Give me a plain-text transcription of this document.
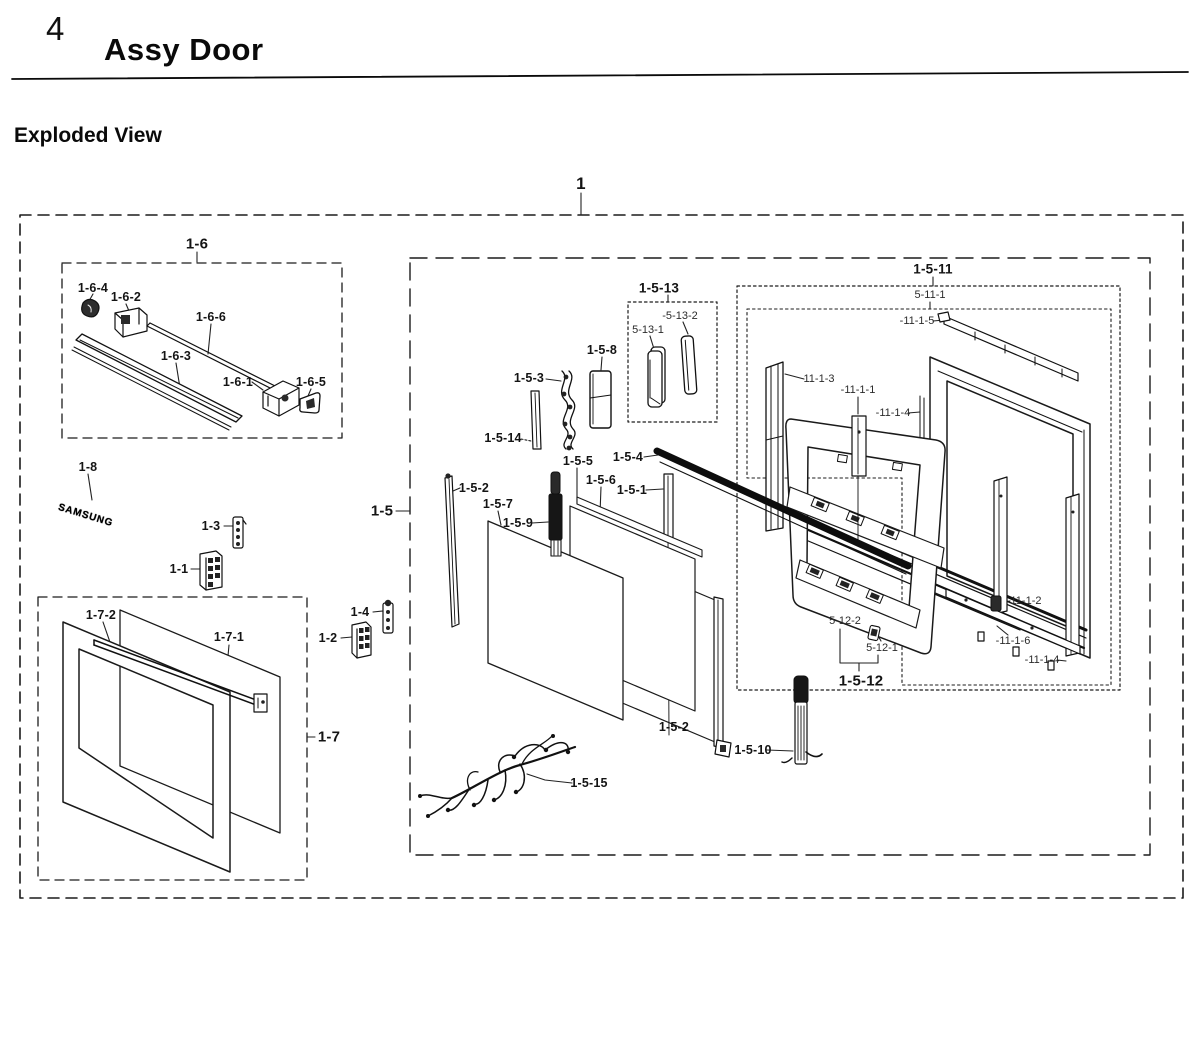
4
Assy Door
Exploded View
1
1-6
1-6-4
1-6-2
1-6-6
1-6-3
1-6-1	1-6-5
1-8
1-3
1-1
1-5
1-4
1-2
1-7-2
1-7-1
1-7
1-5-13
5-13-1
-5-13-2
1-5-8
1-5-3
1-5-14
1-5-5 1-5-4
1-5-6
1-5-1
1-5-2
1-5-7
1-5-9
1-5-11
5-11-1
-11-1-5
11-1-3
-11-1-1
-11-1-4
11-1-2
-11-1-6
-11-1-4
5-12-2
5-12-1
1-5-12
1-5-2
1-5-10
1-5-15
SAMSUNG
